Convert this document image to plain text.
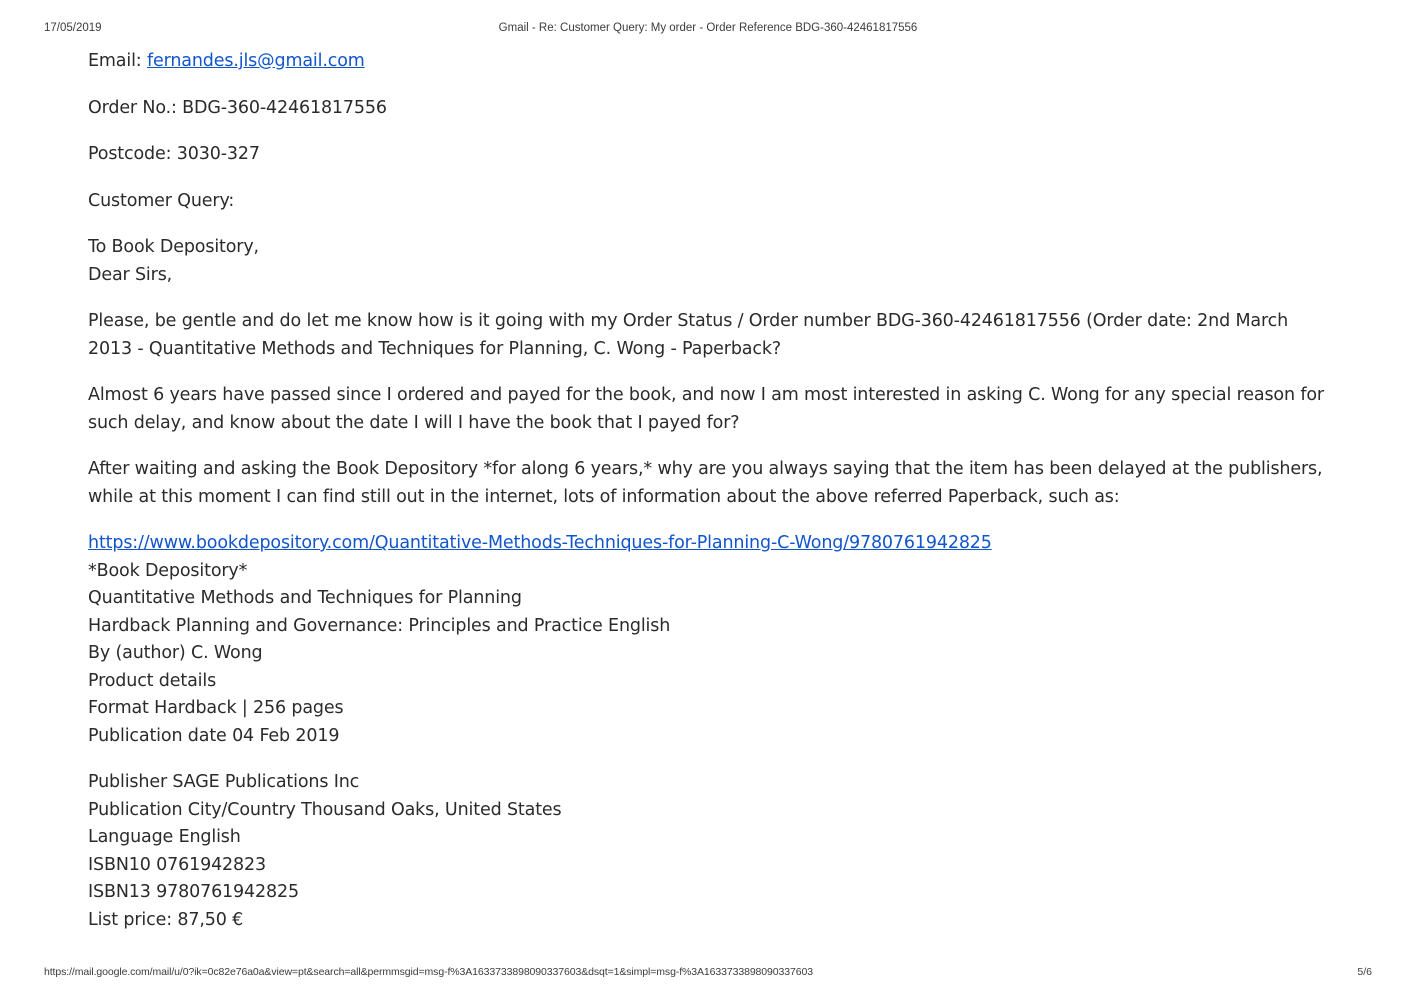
17/05/2019	Gmail - Re: Customer Query: My order - Order Reference BDG-360-42461817556

Email: fernandes.jls@gmail.com

Order No.: BDG-360-42461817556

Postcode: 3030-327

Customer Query:

To Book Depository,

Dear Sirs,

Please, be gentle and do let me know how is it going with my Order Status / Order number BDG-360-42461817556 (Order date: 2nd March 2013 - Quantitative Methods and Techniques for Planning, C. Wong - Paperback?

Almost 6 years have passed since I ordered and payed for the book, and now I am most interested in asking C. Wong for any special reason for such delay, and know about the date I will I have the book that I payed for?

After waiting and asking the Book Depository *for along 6 years,* why are you always saying that the item has been delayed at the publishers, while at this moment I can find still out in the internet, lots of information about the above referred Paperback, such as:

https://www.bookdepository.com/Quantitative-Methods-Techniques-for-Planning-C-Wong/9780761942825

*Book Depository*

Quantitative Methods and Techniques for Planning

Hardback Planning and Governance: Principles and Practice English

By (author) C. Wong

Product details

Format Hardback | 256 pages

Publication date 04 Feb 2019

Publisher SAGE Publications Inc

Publication City/Country Thousand Oaks, United States

Language English

ISBN10 0761942823

ISBN13 9780761942825

List price: 87,50 €

https://mail.google.com/mail/u/0?ik=0c82e76a0a&view=pt&search=all&permmsgid=msg-f%3A1633733898090337603&dsqt=1&simpl=msg-f%3A1633733898090337603	5/6
